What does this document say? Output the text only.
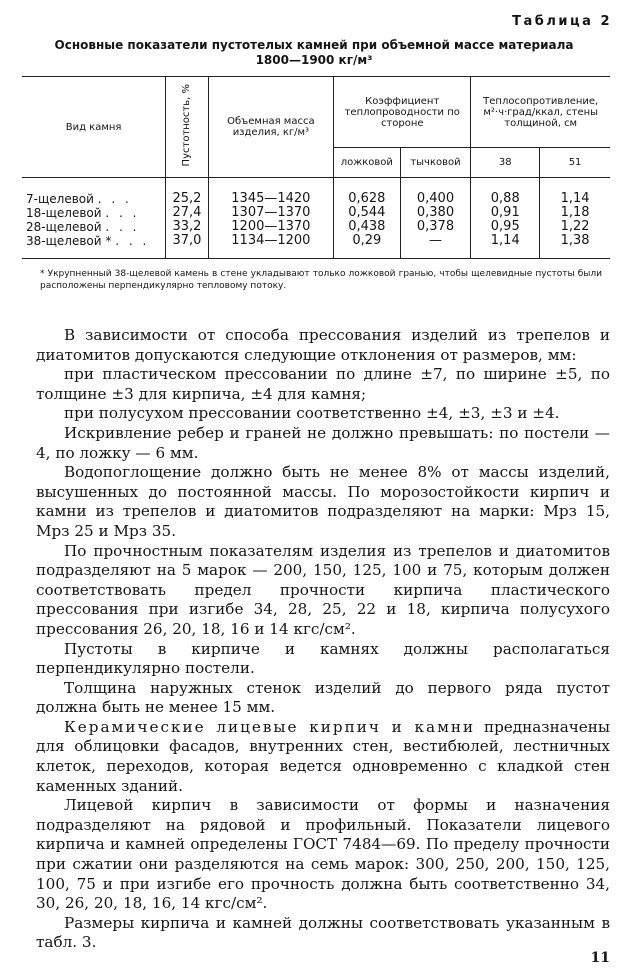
Таблица 2
Основные показатели пустотелых камней при объемной массе материала
1800—1900 кг/м³
Вид камня	Пустотность, %	Объемная масса изделия, кг/м³	Коэффициент теплопроводности по стороне		Теплосопротивление, м²·ч·град/ккал, стены толщиной, см	
			ложковой	тычковой	38	51
7-щелевой . . .	25,2	1345—1420	0,628	0,400	0,88	1,14
18-щелевой . . .	27,4	1307—1370	0,544	0,380	0,91	1,18
28-щелевой . . .	33,2	1200—1370	0,438	0,378	0,95	1,22
38-щелевой * . . .	37,0	1134—1200	0,29	—	1,14	1,38
* Укрупненный 38-щелевой камень в стене укладывают только ложковой гранью, чтобы щелевидные пустоты были расположены перпендикулярно тепловому потоку.

В зависимости от способа прессования изделий из трепелов и диатомитов допускаются следующие отклонения от размеров, мм:

при пластическом прессовании по длине ±7, по ширине ±5, по толщине ±3 для кирпича, ±4 для камня;

при полусухом прессовании соответственно ±4, ±3, ±3 и ±4.

Искривление ребер и граней не должно превышать: по постели — 4, по ложку — 6 мм.

Водопоглощение должно быть не менее 8% от массы изделий, высушенных до постоянной массы. По морозостойкости кирпич и камни из трепелов и диатомитов подразделяют на марки: Мрз 15, Мрз 25 и Мрз 35.

По прочностным показателям изделия из трепелов и диатомитов подразделяют на 5 марок — 200, 150, 125, 100 и 75, которым должен соответствовать предел прочности кирпича пластического прессования при изгибе 34, 28, 25, 22 и 18, кирпича полусухого прессования 26, 20, 18, 16 и 14 кгс/см².

Пустоты в кирпиче и камнях должны располагаться перпендикулярно постели.

Толщина наружных стенок изделий до первого ряда пустот должна быть не менее 15 мм.

Керамические лицевые кирпич и камни предназначены для облицовки фасадов, внутренних стен, вестибюлей, лестничных клеток, переходов, которая ведется одновременно с кладкой стен каменных зданий.

Лицевой кирпич в зависимости от формы и назначения подразделяют на рядовой и профильный. Показатели лицевого кирпича и камней определены ГОСТ 7484—69. По пределу прочности при сжатии они разделяются на семь марок: 300, 250, 200, 150, 125, 100, 75 и при изгибе его прочность должна быть соответственно 34, 30, 26, 20, 18, 16, 14 кгс/см².

Размеры кирпича и камней должны соответствовать указанным в табл. 3.

11
